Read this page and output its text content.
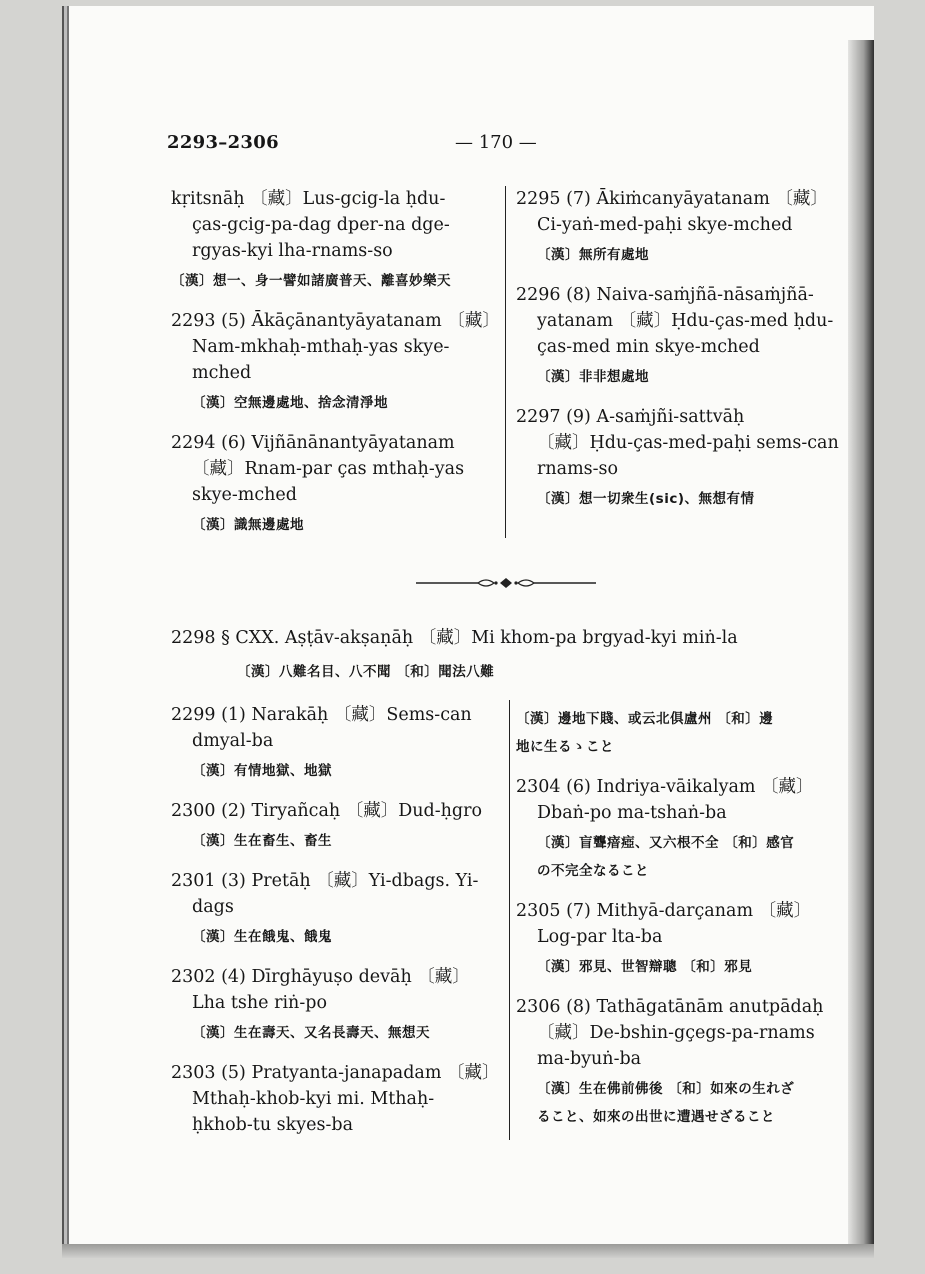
2293–2306	— 170 —
kṛitsnāḥ 〔藏〕Lus-gcig-la ḥdu-
ças-gcig-pa-dag dper-na dge-
rgyas-kyi lha-rnams-so
〔漢〕想一、身一譬如諸廣普天、離喜妙樂天
2293 (5) Ākāçānantyāyatanam 〔藏〕
Nam-mkhaḥ-mthaḥ-yas skye-
mched
〔漢〕空無邊處地、捨念清淨地
2294 (6) Vijñānānantyāyatanam
〔藏〕Rnam-par ças mthaḥ-yas
skye-mched
〔漢〕識無邊處地
2295 (7) Ākiṁcanyāyatanam 〔藏〕
Ci-yaṅ-med-paḥi skye-mched
〔漢〕無所有處地
2296 (8) Naiva-saṁjñā-nāsaṁjñā-
yatanam 〔藏〕Ḥdu-ças-med ḥdu-
ças-med min skye-mched
〔漢〕非非想處地
2297 (9) A-saṁjñi-sattvāḥ
〔藏〕Ḥdu-ças-med-paḥi sems-can
rnams-so
〔漢〕想一切衆生(sic)、無想有情
2298 § CXX. Aṣṭāv-akṣaṇāḥ 〔藏〕Mi khom-pa brgyad-kyi miṅ-la
〔漢〕八難名目、八不聞 〔和〕聞法八難
2299 (1) Narakāḥ 〔藏〕Sems-can
dmyal-ba
〔漢〕有情地獄、地獄
2300 (2) Tiryañcaḥ 〔藏〕Dud-ḥgro
〔漢〕生在畜生、畜生
2301 (3) Pretāḥ 〔藏〕Yi-dbags. Yi-
dags
〔漢〕生在餓鬼、餓鬼
2302 (4) Dīrghāyuṣo devāḥ 〔藏〕
Lha tshe riṅ-po
〔漢〕生在壽天、又名長壽天、無想天
2303 (5) Pratyanta-janapadam 〔藏〕
Mthaḥ-khob-kyi mi. Mthaḥ-
ḥkhob-tu skyes-ba
〔漢〕邊地下賤、或云北俱盧州 〔和〕邊
地に生るゝこと
2304 (6) Indriya-vāikalyam 〔藏〕
Dbaṅ-po ma-tshaṅ-ba
〔漢〕盲聾瘖瘂、又六根不全 〔和〕感官
の不完全なること
2305 (7) Mithyā-darçanam 〔藏〕
Log-par lta-ba
〔漢〕邪見、世智辯聰 〔和〕邪見
2306 (8) Tathāgatānām anutpādaḥ
〔藏〕De-bshin-gçegs-pa-rnams
ma-byuṅ-ba
〔漢〕生在佛前佛後 〔和〕如來の生れざ
ること、如來の出世に遭遇せざること
